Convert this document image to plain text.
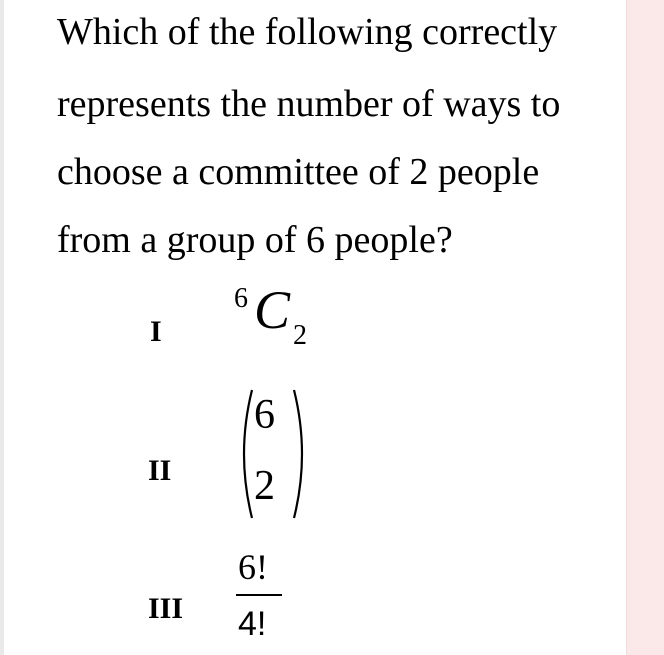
Which of the following correctly
represents the number of ways to
choose a committee of 2 people
from a group of 6 people?
I
6 C 2
II
6
2
III
6!
4!
